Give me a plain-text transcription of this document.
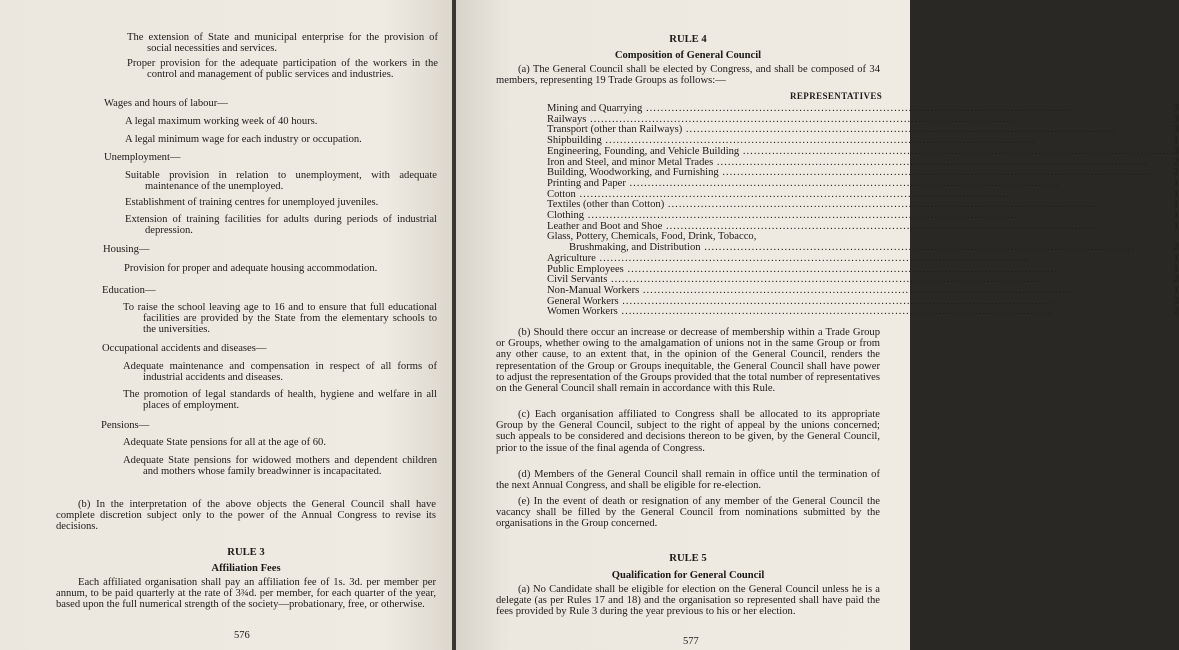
The extension of State and municipal enterprise for the provision of social necessities and services.
Proper provision for the adequate participation of the workers in the control and management of public services and industries.
Wages and hours of labour—
A legal maximum working week of 40 hours.
A legal minimum wage for each industry or occupation.
Unemployment—
Suitable provision in relation to unemployment, with adequate maintenance of the unemployed.
Establishment of training centres for unemployed juveniles.
Extension of training facilities for adults during periods of industrial depression.
Housing—
Provision for proper and adequate housing accommodation.
Education—
To raise the school leaving age to 16 and to ensure that full educational facilities are provided by the State from the elementary schools to the universities.
Occupational accidents and diseases—
Adequate maintenance and compensation in respect of all forms of industrial accidents and diseases.
The promotion of legal standards of health, hygiene and welfare in all places of employment.
Pensions—
Adequate State pensions for all at the age of 60.
Adequate State pensions for widowed mothers and dependent children and mothers whose family breadwinner is incapacitated.
(b) In the interpretation of the above objects the General Council shall have complete discretion subject only to the power of the Annual Congress to revise its decisions.
RULE 3
Affiliation Fees
Each affiliated organisation shall pay an affiliation fee of 1s. 3d. per member per annum, to be paid quarterly at the rate of 3¾d. per member, for each quarter of the year, based upon the full numerical strength of the society—probationary, free, or otherwise.
576
RULE 4
Composition of General Council
(a) The General Council shall be elected by Congress, and shall be composed of 34 members, representing 19 Trade Groups as follows:—
REPRESENTATIVES
Mining and Quarrying .....	3

Railways .....	3

Transport (other than Railways) .....	3

Shipbuilding .....	1

Engineering, Founding, and Vehicle Building .....	3

Iron and Steel, and minor Metal Trades .....	2

Building, Woodworking, and Furnishing .....	2

Printing and Paper .....	1

Cotton .....	1

Textiles (other than Cotton) .....	1

Clothing .....	1

Leather and Boot and Shoe .....	1

Glass, Pottery, Chemicals, Food, Drink, Tobacco,
Brushmaking, and Distribution .....	2

Agriculture .....	1

Public Employees .....	1

Civil Servants .....	2

Non-Manual Workers .....	1

General Workers .....	3

Women Workers .....	2
(b) Should there occur an increase or decrease of membership within a Trade Group or Groups, whether owing to the amalgamation of unions not in the same Group or from any other cause, to an extent that, in the opinion of the General Council, renders the representation of the Group or Groups inequitable, the General Council shall have power to adjust the representation of the Groups provided that the total number of representatives on the General Council shall remain in accordance with this Rule.
(c) Each organisation affiliated to Congress shall be allocated to its appropriate Group by the General Council, subject to the right of appeal by the unions concerned; such appeals to be considered and decisions thereon to be given, by the General Council, prior to the issue of the final agenda of Congress.
(d) Members of the General Council shall remain in office until the termination of the next Annual Congress, and shall be eligible for re-election.
(e) In the event of death or resignation of any member of the General Council the vacancy shall be filled by the General Council from nominations submitted by the organisations in the Group concerned.
RULE 5
Qualification for General Council
(a) No Candidate shall be eligible for election on the General Council unless he is a delegate (as per Rules 17 and 18) and the organisation so represented shall have paid the fees provided by Rule 3 during the year previous to his or her election.
577
